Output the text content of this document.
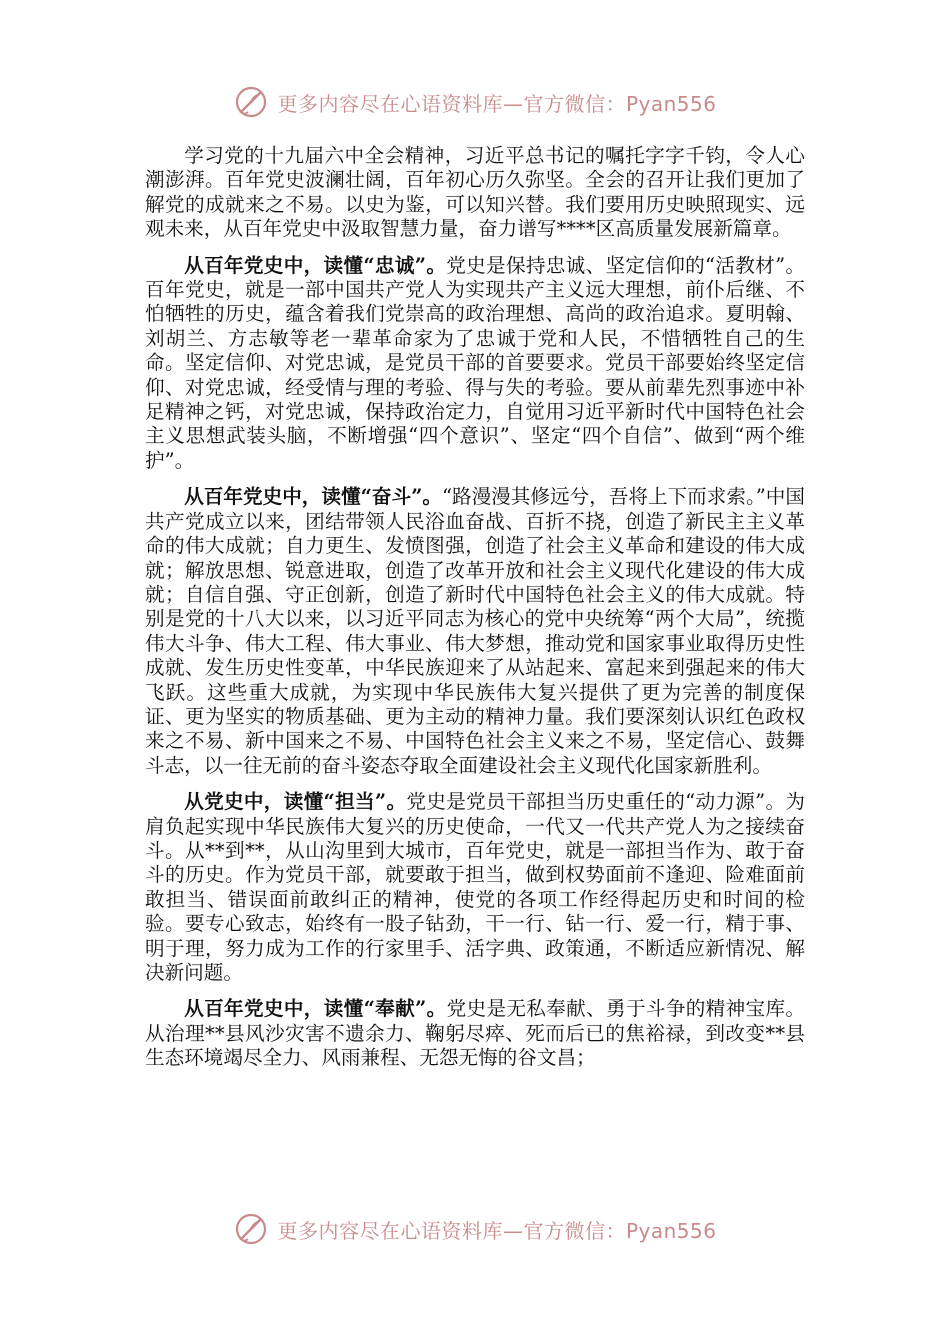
更多内容尽在心语资料库—官方微信：Pyan556

学习党的十九届六中全会精神，习近平总书记的嘱托字字千钧，令人心潮澎湃。百年党史波澜壮阔，百年初心历久弥坚。全会的召开让我们更加了解党的成就来之不易。以史为鉴，可以知兴替。我们要用历史映照现实、远观未来，从百年党史中汲取智慧力量，奋力谱写****区高质量发展新篇章。

从百年党史中，读懂“忠诚”。党史是保持忠诚、坚定信仰的“活教材”。百年党史，就是一部中国共产党人为实现共产主义远大理想，前仆后继、不怕牺牲的历史，蕴含着我们党崇高的政治理想、高尚的政治追求。夏明翰、刘胡兰、方志敏等老一辈革命家为了忠诚于党和人民，不惜牺牲自己的生命。坚定信仰、对党忠诚，是党员干部的首要要求。党员干部要始终坚定信仰、对党忠诚，经受情与理的考验、得与失的考验。要从前辈先烈事迹中补足精神之钙，对党忠诚，保持政治定力，自觉用习近平新时代中国特色社会主义思想武装头脑，不断增强“四个意识”、坚定“四个自信”、做到“两个维护”。

从百年党史中，读懂“奋斗”。“路漫漫其修远兮，吾将上下而求索。”中国共产党成立以来，团结带领人民浴血奋战、百折不挠，创造了新民主主义革命的伟大成就；自力更生、发愤图强，创造了社会主义革命和建设的伟大成就；解放思想、锐意进取，创造了改革开放和社会主义现代化建设的伟大成就；自信自强、守正创新，创造了新时代中国特色社会主义的伟大成就。特别是党的十八大以来，以习近平同志为核心的党中央统筹“两个大局”，统揽伟大斗争、伟大工程、伟大事业、伟大梦想，推动党和国家事业取得历史性成就、发生历史性变革，中华民族迎来了从站起来、富起来到强起来的伟大飞跃。这些重大成就，为实现中华民族伟大复兴提供了更为完善的制度保证、更为坚实的物质基础、更为主动的精神力量。我们要深刻认识红色政权来之不易、新中国来之不易、中国特色社会主义来之不易，坚定信心、鼓舞斗志，以一往无前的奋斗姿态夺取全面建设社会主义现代化国家新胜利。

从党史中，读懂“担当”。党史是党员干部担当历史重任的“动力源”。为肩负起实现中华民族伟大复兴的历史使命，一代又一代共产党人为之接续奋斗。从**到**，从山沟里到大城市，百年党史，就是一部担当作为、敢于奋斗的历史。作为党员干部，就要敢于担当，做到权势面前不逢迎、险难面前敢担当、错误面前敢纠正的精神，使党的各项工作经得起历史和时间的检验。要专心致志，始终有一股子钻劲，干一行、钻一行、爱一行，精于事、明于理，努力成为工作的行家里手、活字典、政策通，不断适应新情况、解决新问题。

从百年党史中，读懂“奉献”。党史是无私奉献、勇于斗争的精神宝库。从治理**县风沙灾害不遗余力、鞠躬尽瘁、死而后已的焦裕禄，到改变**县生态环境竭尽全力、风雨兼程、无怨无悔的谷文昌；

更多内容尽在心语资料库—官方微信：Pyan556
